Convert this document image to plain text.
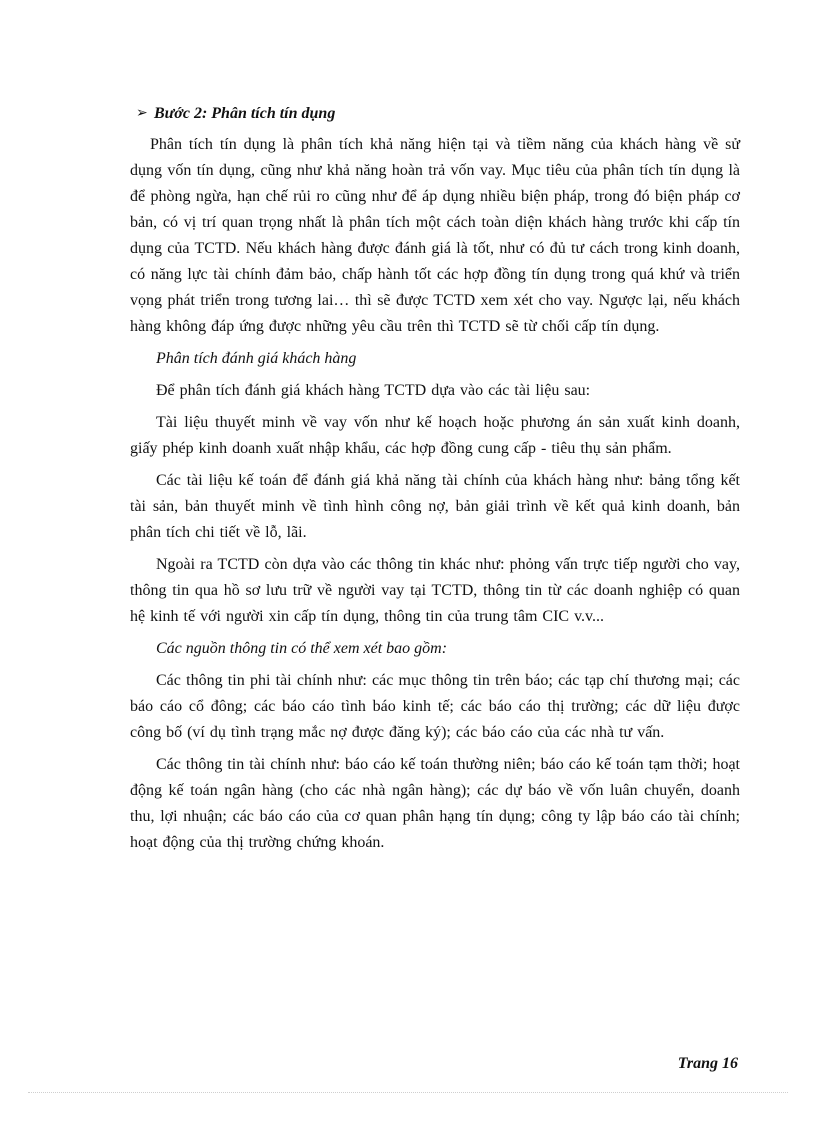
➢ Bước 2: Phân tích tín dụng

Phân tích tín dụng là phân tích khả năng hiện tại và tiềm năng của khách hàng về sử dụng vốn tín dụng, cũng như khả năng hoàn trả vốn vay. Mục tiêu của phân tích tín dụng là để phòng ngừa, hạn chế rủi ro cũng như để áp dụng nhiều biện pháp, trong đó biện pháp cơ bản, có vị trí quan trọng nhất là phân tích một cách toàn diện khách hàng trước khi cấp tín dụng của TCTD. Nếu khách hàng được đánh giá là tốt, như có đủ tư cách trong kinh doanh, có năng lực tài chính đảm bảo, chấp hành tốt các hợp đồng tín dụng trong quá khứ và triển vọng phát triển trong tương lai… thì sẽ được TCTD xem xét cho vay. Ngược lại, nếu khách hàng không đáp ứng được những yêu cầu trên thì TCTD sẽ từ chối cấp tín dụng.

Phân tích đánh giá khách hàng

Để phân tích đánh giá khách hàng TCTD dựa vào các tài liệu sau:

Tài liệu thuyết minh về vay vốn như kế hoạch hoặc phương án sản xuất kinh doanh, giấy phép kinh doanh xuất nhập khẩu, các hợp đồng cung cấp - tiêu thụ sản phẩm.

Các tài liệu kế toán để đánh giá khả năng tài chính của khách hàng như: bảng tổng kết tài sản, bản thuyết minh về tình hình công nợ, bản giải trình về kết quả kinh doanh, bản phân tích chi tiết về lỗ, lãi.

Ngoài ra TCTD còn dựa vào các thông tin khác như: phỏng vấn trực tiếp người cho vay, thông tin qua hồ sơ lưu trữ về người vay tại TCTD, thông tin từ các doanh nghiệp có quan hệ kinh tế với người xin cấp tín dụng, thông tin của trung tâm CIC v.v...

Các nguồn thông tin có thể xem xét bao gồm:

Các thông tin phi tài chính như: các mục thông tin trên báo; các tạp chí thương mại; các báo cáo cổ đông; các báo cáo tình báo kinh tế; các báo cáo thị trường; các dữ liệu được công bố (ví dụ tình trạng mắc nợ được đăng ký); các báo cáo của các nhà tư vấn.

Các thông tin tài chính như: báo cáo kế toán thường niên; báo cáo kế toán tạm thời; hoạt động kế toán ngân hàng (cho các nhà ngân hàng); các dự báo về vốn luân chuyển, doanh thu, lợi nhuận; các báo cáo của cơ quan phân hạng tín dụng; công ty lập báo cáo tài chính; hoạt động của thị trường chứng khoán.

Trang 16
